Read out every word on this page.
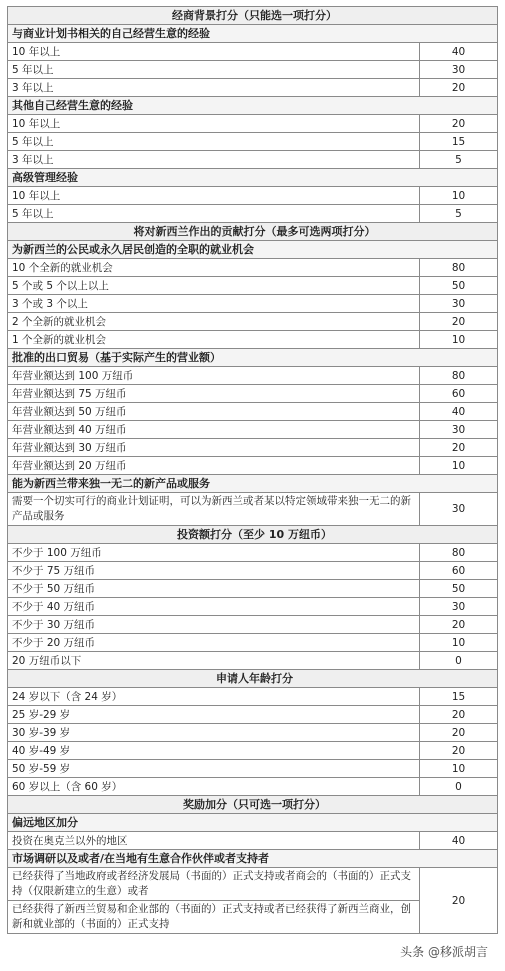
经商背景打分（只能选一项打分）	
与商业计划书相关的自己经营生意的经验	
10 年以上	40
5 年以上	30
3 年以上	20
其他自己经营生意的经验	
10 年以上	20
5 年以上	15
3 年以上	5
高级管理经验	
10 年以上	10
5 年以上	5
将对新西兰作出的贡献打分（最多可选两项打分）	
为新西兰的公民或永久居民创造的全职的就业机会	
10 个全新的就业机会	80
5 个或 5 个以上以上	50
3 个或 3 个以上	30
2 个全新的就业机会	20
1 个全新的就业机会	10
批准的出口贸易（基于实际产生的营业额）	
年营业额达到 100 万纽币	80
年营业额达到 75 万纽币	60
年营业额达到 50 万纽币	40
年营业额达到 40 万纽币	30
年营业额达到 30 万纽币	20
年营业额达到 20 万纽币	10
能为新西兰带来独一无二的新产品或服务	
需要一个切实可行的商业计划证明，可以为新西兰或者某以特定领域带来独一无二的新产品或服务	30
投资额打分（至少 10 万纽币）	
不少于 100 万纽币	80
不少于 75 万纽币	60
不少于 50 万纽币	50
不少于 40 万纽币	30
不少于 30 万纽币	20
不少于 20 万纽币	10
20 万纽币以下	0
申请人年龄打分	
24 岁以下（含 24 岁）	15
25 岁-29 岁	20
30 岁-39 岁	20
40 岁-49 岁	20
50 岁-59 岁	10
60 岁以上（含 60 岁）	0
奖励加分（只可选一项打分）	
偏远地区加分	
投资在奥克兰以外的地区	40
市场调研以及或者/在当地有生意合作伙伴或者支持者	
已经获得了当地政府或者经济发展局（书面的）正式支持或者商会的（书面的）正式支持（仅限新建立的生意）或者	20
已经获得了新西兰贸易和企业部的（书面的）正式支持或者已经获得了新西兰商业，创新和就业部的（书面的）正式支持	
头条 @移派胡言
